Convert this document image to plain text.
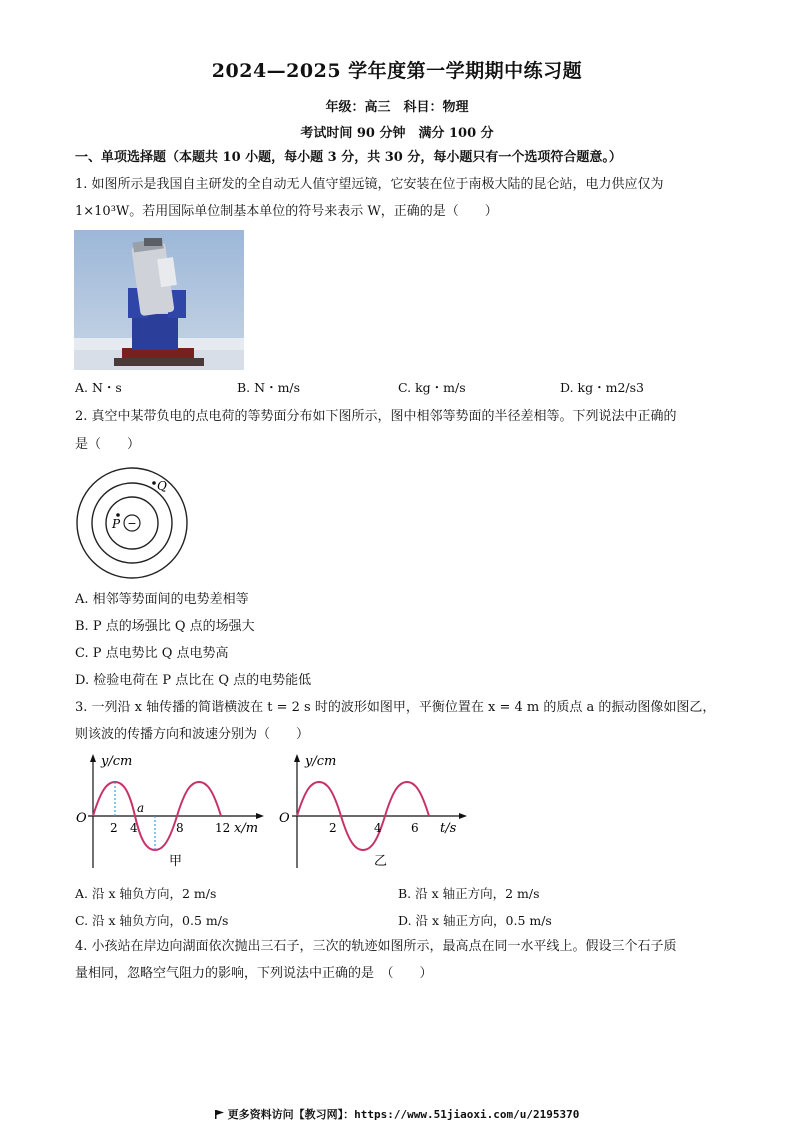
2024—2025 学年度第一学期期中练习题
年级：高三　科目：物理
考试时间 90 分钟　满分 100 分
一、单项选择题（本题共 10 小题，每小题 3 分，共 30 分，每小题只有一个选项符合题意。）
1. 如图所示是我国自主研发的全自动无人值守望远镜，它安装在位于南极大陆的昆仑站，电力供应仅为
1×10³W。若用国际单位制基本单位的符号来表示 W，正确的是（　　）
A. N・s	B. N・m/s	C. kg・m/s	D. kg・m2/s3
2. 真空中某带负电的点电荷的等势面分布如下图所示，图中相邻等势面的半径差相等。下列说法中正确的
是（　　）
−
P
Q
A. 相邻等势面间的电势差相等
B. P 点的场强比 Q 点的场强大
C. P 点电势比 Q 点电势高
D. 检验电荷在 P 点比在 Q 点的电势能低
3. 一列沿 x 轴传播的简谐横波在 t = 2 s 时的波形如图甲，平衡位置在 x = 4 m 的质点 a 的振动图像如图乙，
则该波的传播方向和波速分别为（　　）
y/cm
O
a
2 4	8	12 x/m
甲
y/cm
O
2	4 6 t/s
乙
A. 沿 x 轴负方向，2 m/s	B. 沿 x 轴正方向，2 m/s
C. 沿 x 轴负方向，0.5 m/s	D. 沿 x 轴正方向，0.5 m/s
4. 小孩站在岸边向湖面依次抛出三石子，三次的轨迹如图所示，最高点在同一水平线上。假设三个石子质
量相同，忽略空气阻力的影响，下列说法中正确的是　（　　）
更多资料访问【教习网】：https://www.51jiaoxi.com/u/2195370
